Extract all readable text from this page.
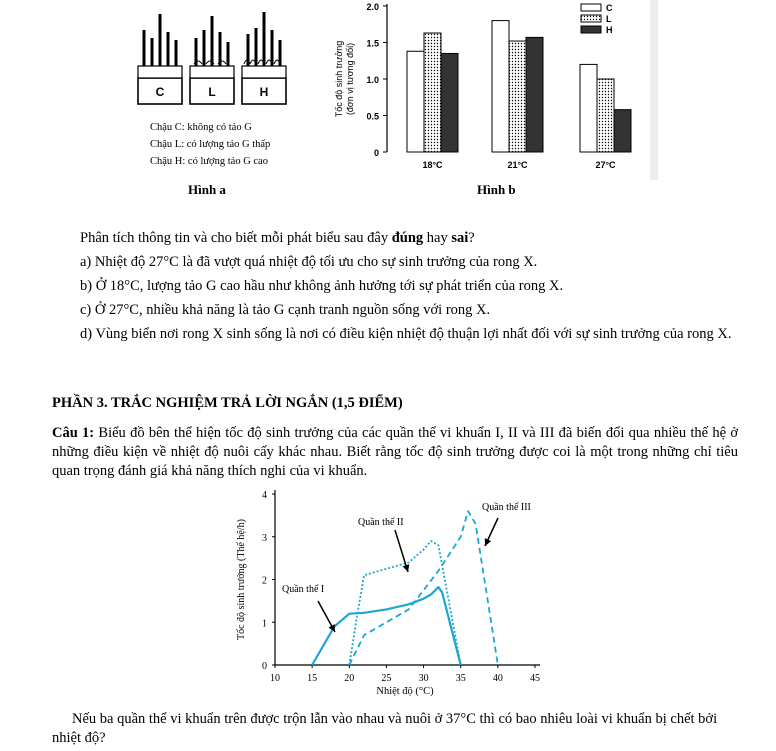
C	L	H
Chậu C: không có tảo G
Chậu L: có lượng tảo G thấp
Chậu H: có lượng tảo G cao
Hình a
0
0.5
1.0
1.5
2.0
Tốc độ sinh trưởng (đơn vị tương đối)
18°C	21°C	27°C
C
L
H
Hình b

Phân tích thông tin và cho biết mỗi phát biểu sau đây đúng hay sai?

a) Nhiệt độ 27°C là đã vượt quá nhiệt độ tối ưu cho sự sinh trưởng của rong X.

b) Ở 18°C, lượng tảo G cao hầu như không ảnh hưởng tới sự phát triển của rong X.

c) Ở 27°C, nhiều khả năng là tảo G cạnh tranh nguồn sống với rong X.

d) Vùng biển nơi rong X sinh sống là nơi có điều kiện nhiệt độ thuận lợi nhất đối với sự sinh trưởng của rong X.

PHẦN 3. TRẮC NGHIỆM TRẢ LỜI NGẮN (1,5 ĐIỂM)

Câu 1: Biểu đồ bên thể hiện tốc độ sinh trưởng của các quần thể vi khuẩn I, II và III đã biến đổi qua nhiều thế hệ ở những điều kiện về nhiệt độ nuôi cấy khác nhau. Biết rằng tốc độ sinh trưởng được coi là một trong những chỉ tiêu quan trọng đánh giá khả năng thích nghi của vi khuẩn.

0
1
2
3
4
10	15	20	25	30	35	40	45
Nhiệt độ (°C)
Tốc độ sinh trưởng (Thế hệ/h)	Quần thể I
Quần thể II
Quần thể III

Nếu ba quần thể vi khuẩn trên được trộn lẫn vào nhau và nuôi ở 37°C thì có bao nhiêu loài vi khuẩn bị chết bởi nhiệt độ?
